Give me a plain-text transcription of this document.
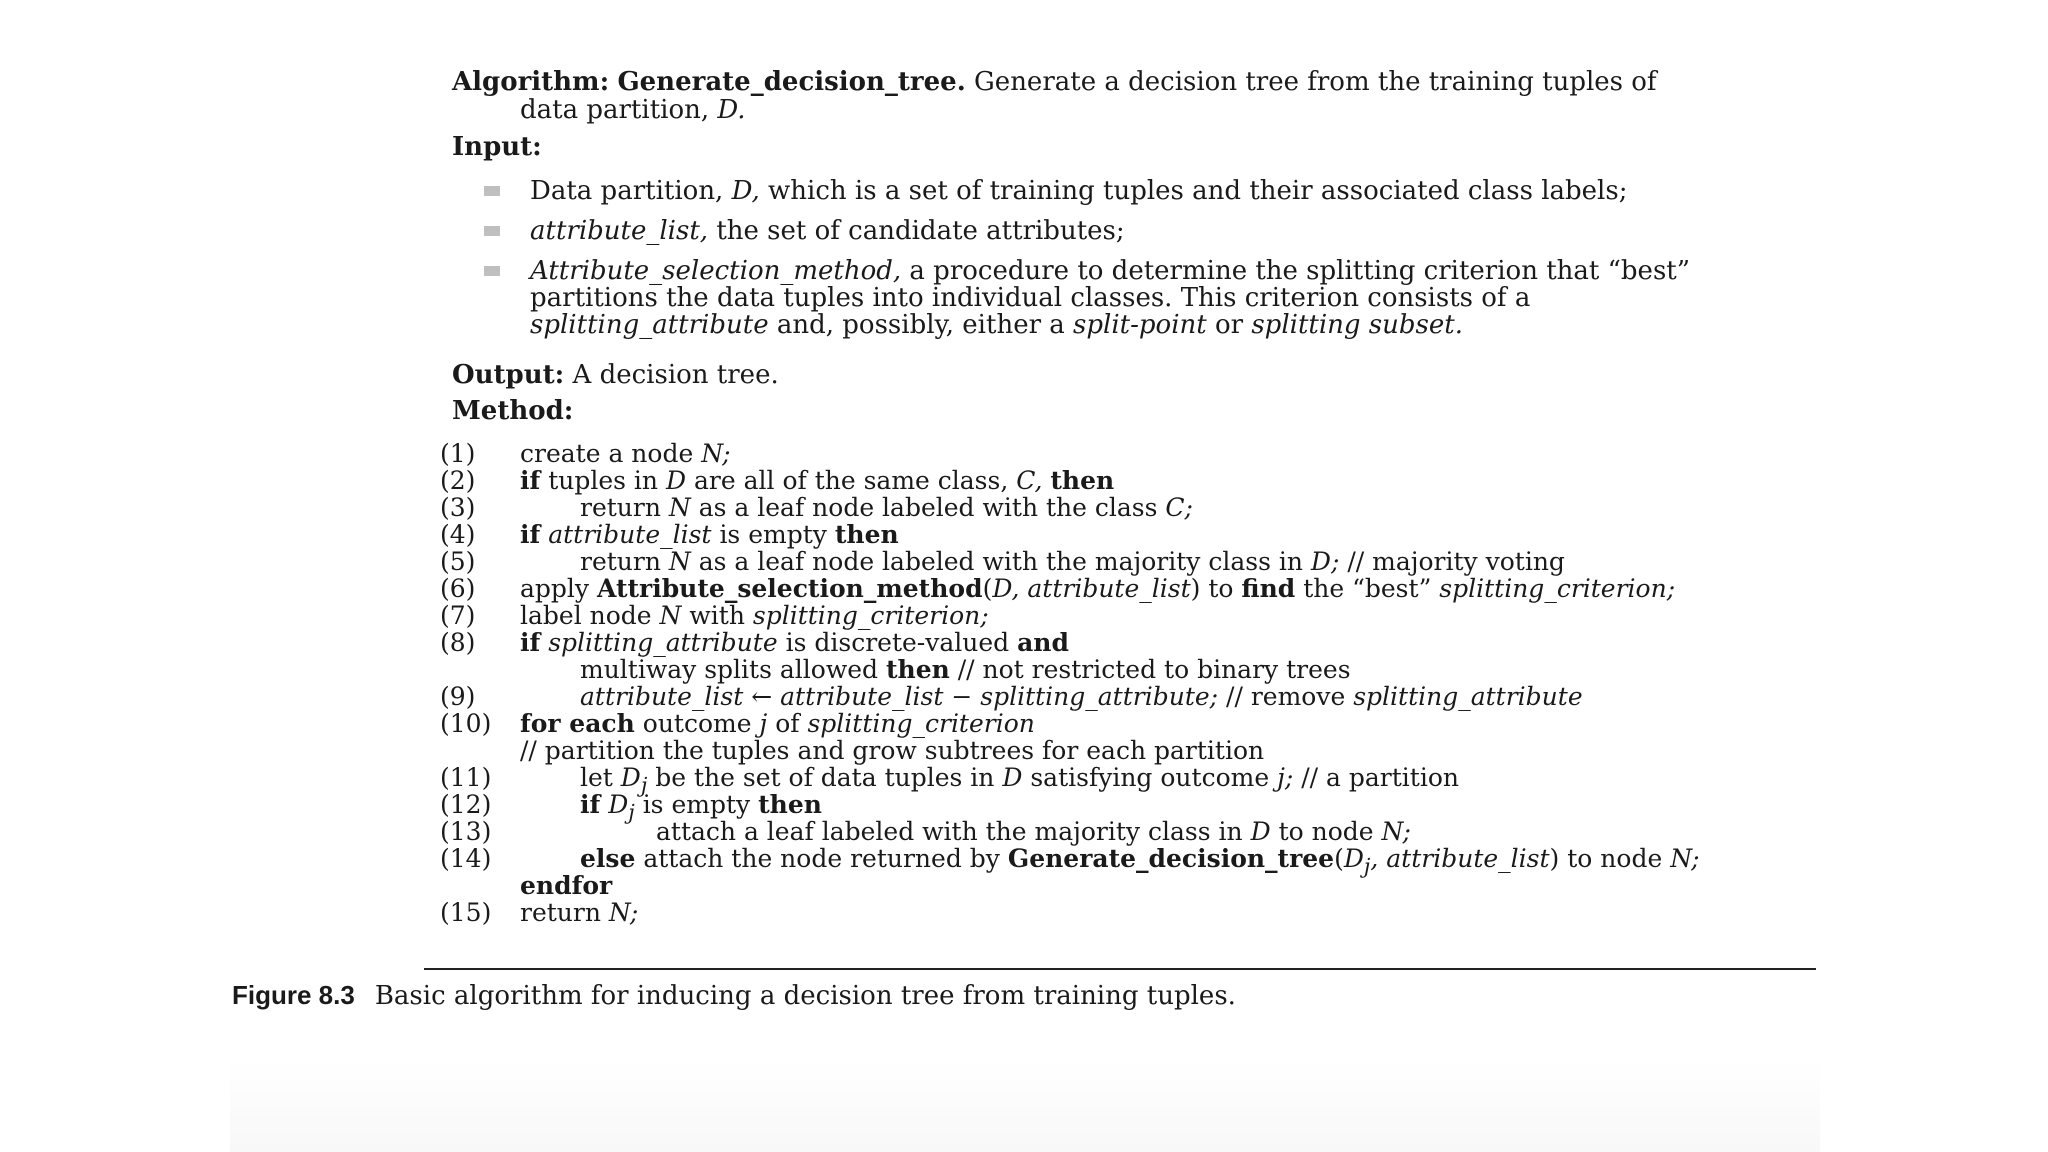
Algorithm: Generate_decision_tree. Generate a decision tree from the training tuples of
data partition, D.
Input:
Data partition, D, which is a set of training tuples and their associated class labels;
attribute_list, the set of candidate attributes;
Attribute_selection_method, a procedure to determine the splitting criterion that “best”
partitions the data tuples into individual classes. This criterion consists of a
splitting_attribute and, possibly, either a split-point or splitting subset.
Output: A decision tree.
Method:
(1)	create a node N;
(2)	if tuples in D are all of the same class, C, then
(3)	return N as a leaf node labeled with the class C;
(4)	if attribute_list is empty then
(5)	return N as a leaf node labeled with the majority class in D; // majority voting
(6)	apply Attribute_selection_method(D, attribute_list) to find the “best” splitting_criterion;
(7)	label node N with splitting_criterion;
(8)	if splitting_attribute is discrete-valued and
multiway splits allowed then // not restricted to binary trees
(9)	attribute_list ← attribute_list − splitting_attribute; // remove splitting_attribute
(10)	for each outcome j of splitting_criterion
// partition the tuples and grow subtrees for each partition
(11)	let $D_j$ be the set of data tuples in D satisfying outcome j; // a partition
(12)	if $D_j$ is empty then
(13)	attach a leaf labeled with the majority class in D to node N;
(14)	else attach the node returned by $Generate\_decision\_tree(D_j$, attribute_list) to node N;
endfor
(15)	return N;
Figure 8.3 Basic algorithm for inducing a decision tree from training tuples.
